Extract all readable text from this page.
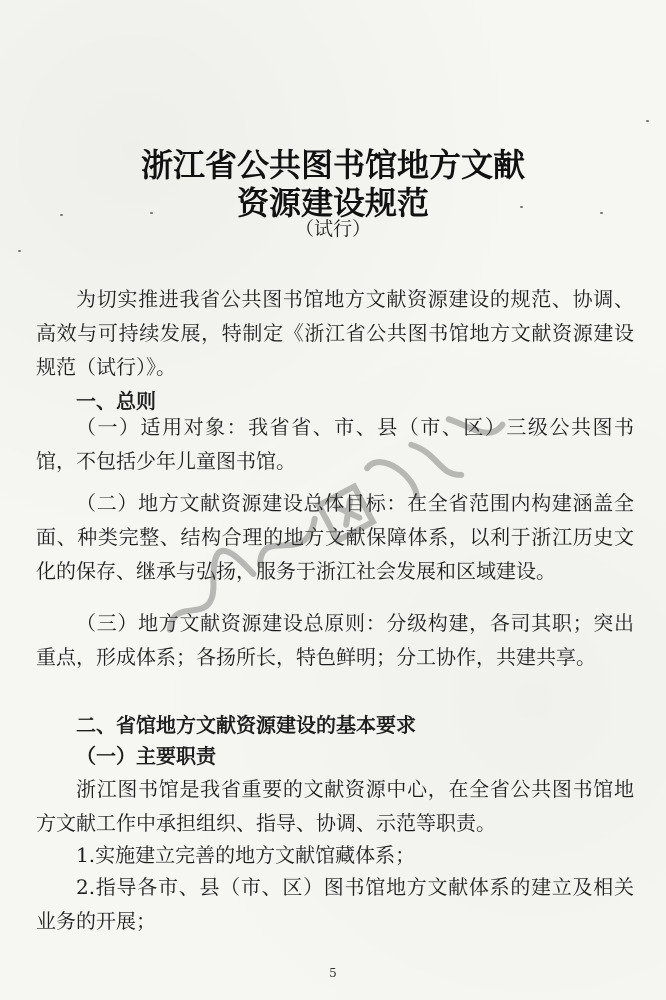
浙江省公共图书馆地方文献
资源建设规范
（试行）

为切实推进我省公共图书馆地方文献资源建设的规范、协调、高效与可持续发展，特制定《浙江省公共图书馆地方文献资源建设规范（试行）》。

一、总则

（一）适用对象：我省省、市、县（市、区）三级公共图书馆，不包括少年儿童图书馆。

（二）地方文献资源建设总体目标：在全省范围内构建涵盖全面、种类完整、结构合理的地方文献保障体系，以利于浙江历史文化的保存、继承与弘扬，服务于浙江社会发展和区域建设。

（三）地方文献资源建设总原则：分级构建，各司其职；突出重点，形成体系；各扬所长，特色鲜明；分工协作，共建共享。

二、省馆地方文献资源建设的基本要求

（一）主要职责

浙江图书馆是我省重要的文献资源中心，在全省公共图书馆地方文献工作中承担组织、指导、协调、示范等职责。

1.实施建立完善的地方文献馆藏体系；

2.指导各市、县（市、区）图书馆地方文献体系的建立及相关业务的开展；

5
